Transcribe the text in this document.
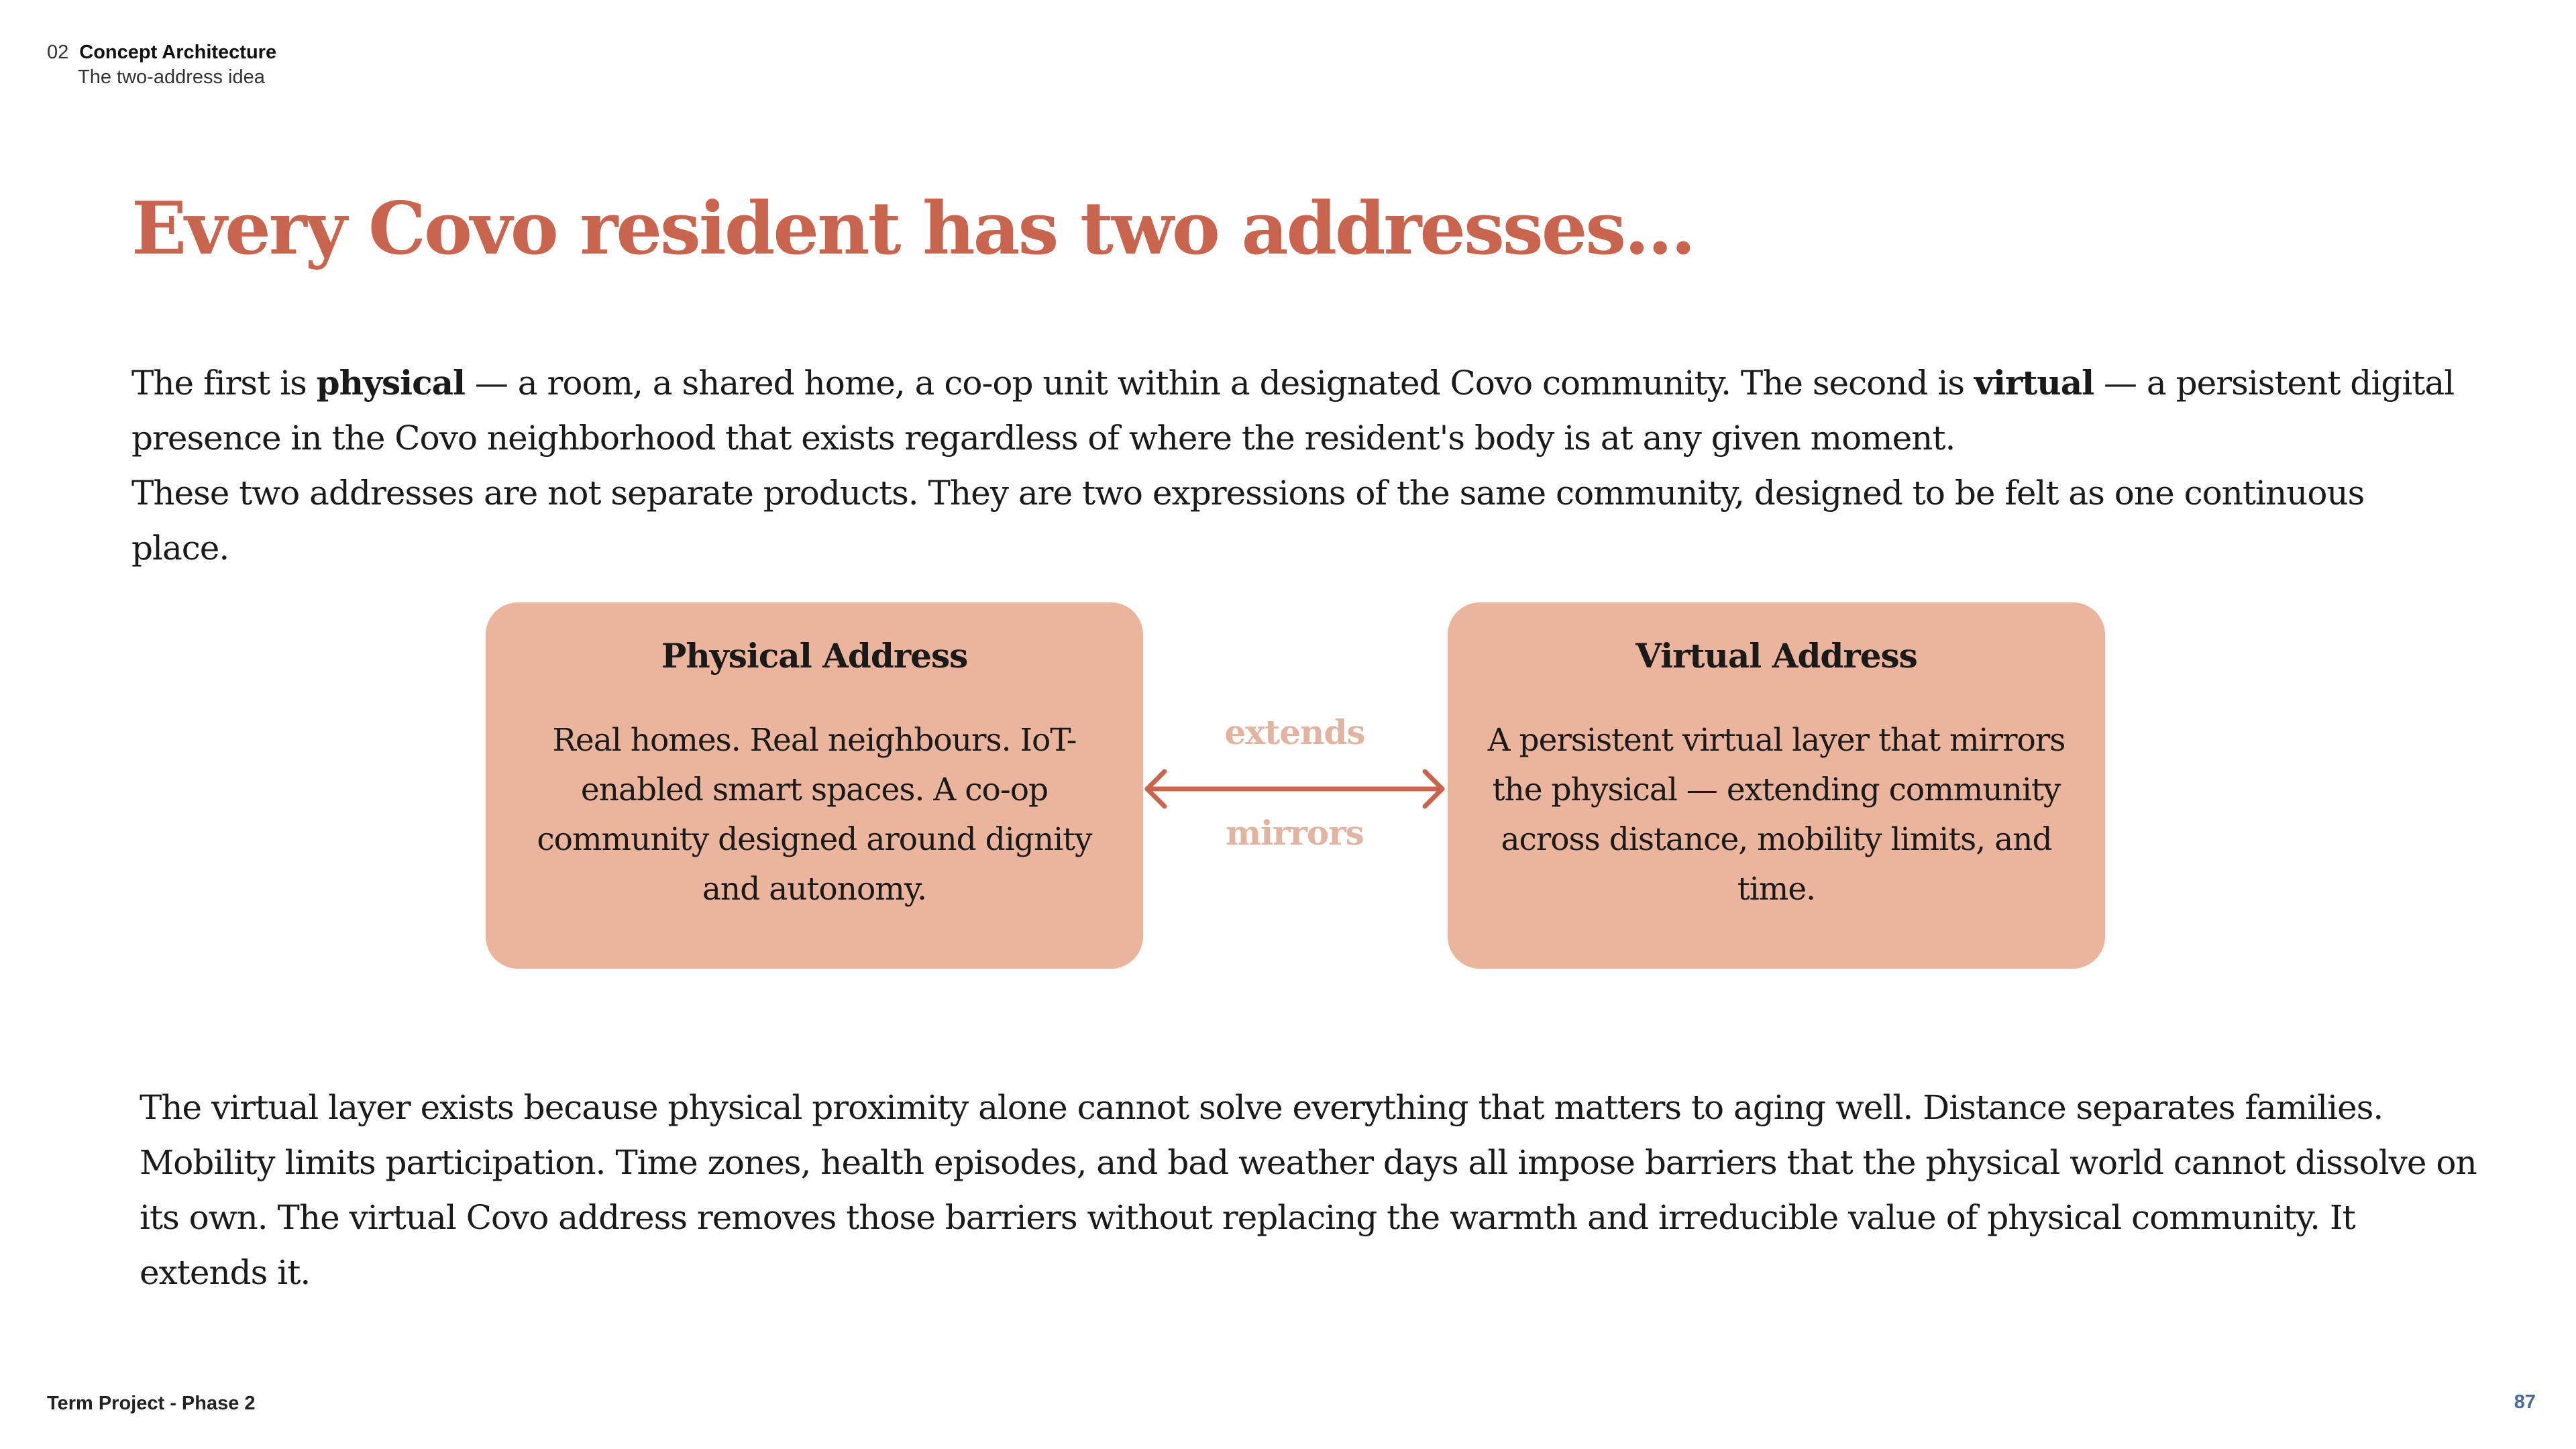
02 Concept Architecture
The two-address idea
Every Covo resident has two addresses...

The first is physical — a room, a shared home, a co-op unit within a designated Covo community. The second is virtual — a persistent digital presence in the Covo neighborhood that exists regardless of where the resident's body is at any given moment.

These two addresses are not separate products. They are two expressions of the same community, designed to be felt as one continuous place.

Physical Address

Real homes. Real neighbours. IoT-enabled smart spaces. A co-op community designed around dignity and autonomy.

Virtual Address

A persistent virtual layer that mirrors the physical — extending community across distance, mobility limits, and time.

extends
mirrors

The virtual layer exists because physical proximity alone cannot solve everything that matters to aging well. Distance separates families. Mobility limits participation. Time zones, health episodes, and bad weather days all impose barriers that the physical world cannot dissolve on its own. The virtual Covo address removes those barriers without replacing the warmth and irreducible value of physical community. It extends it.

Term Project - Phase 2	87
